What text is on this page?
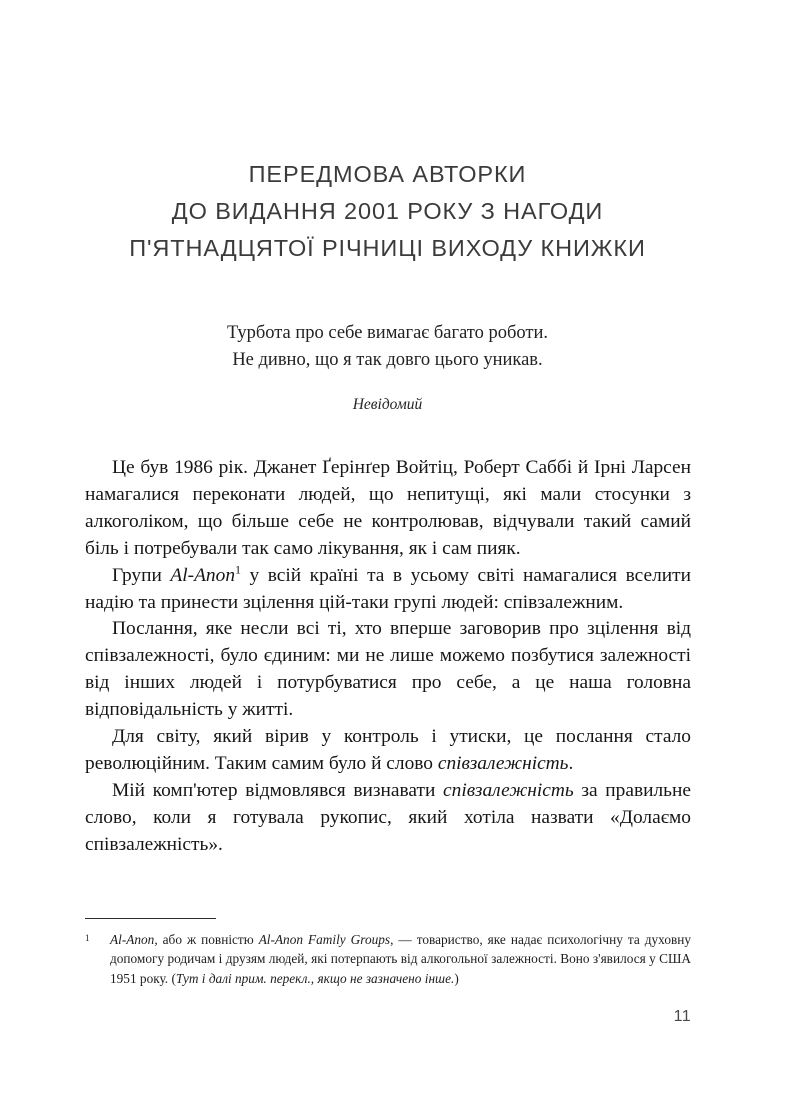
ПЕРЕДМОВА АВТОРКИ
ДО ВИДАННЯ 2001 РОКУ З НАГОДИ
П'ЯТНАДЦЯТОЇ РІЧНИЦІ ВИХОДУ КНИЖКИ
Турбота про себе вимагає багато роботи.
Не дивно, що я так довго цього уникав.
Невідомий

Це був 1986 рік. Джанет Ґерінґер Войтіц, Роберт Саббі й Ірні Ларсен намагалися переконати людей, що непитущі, які мали стосунки з алкоголіком, що більше себе не контролював, відчували такий самий біль і потребували так само лікування, як і сам пияк.

Групи Al-Anon$^1$ у всій країні та в усьому світі намагалися вселити надію та принести зцілення цій-таки групі людей: співзалежним.

Послання, яке несли всі ті, хто вперше заговорив про зцілення від співзалежності, було єдиним: ми не лише можемо позбутися залежності від інших людей і потурбуватися про себе, а це наша головна відповідальність у житті.

Для світу, який вірив у контроль і утиски, це послання стало революційним. Таким самим було й слово співзалежність.

Мій комп'ютер відмовлявся визнавати співзалежність за правильне слово, коли я готувала рукопис, який хотіла назвати «Долаємо співзалежність».

1	Al-Anon, або ж повністю Al-Anon Family Groups, — товариство, яке надає психологічну та духовну допомогу родичам і друзям людей, які потерпають від алкогольної залежності. Воно з'явилося у США 1951 року. (Тут і далі прим. перекл., якщо не зазначено інше.)
11
